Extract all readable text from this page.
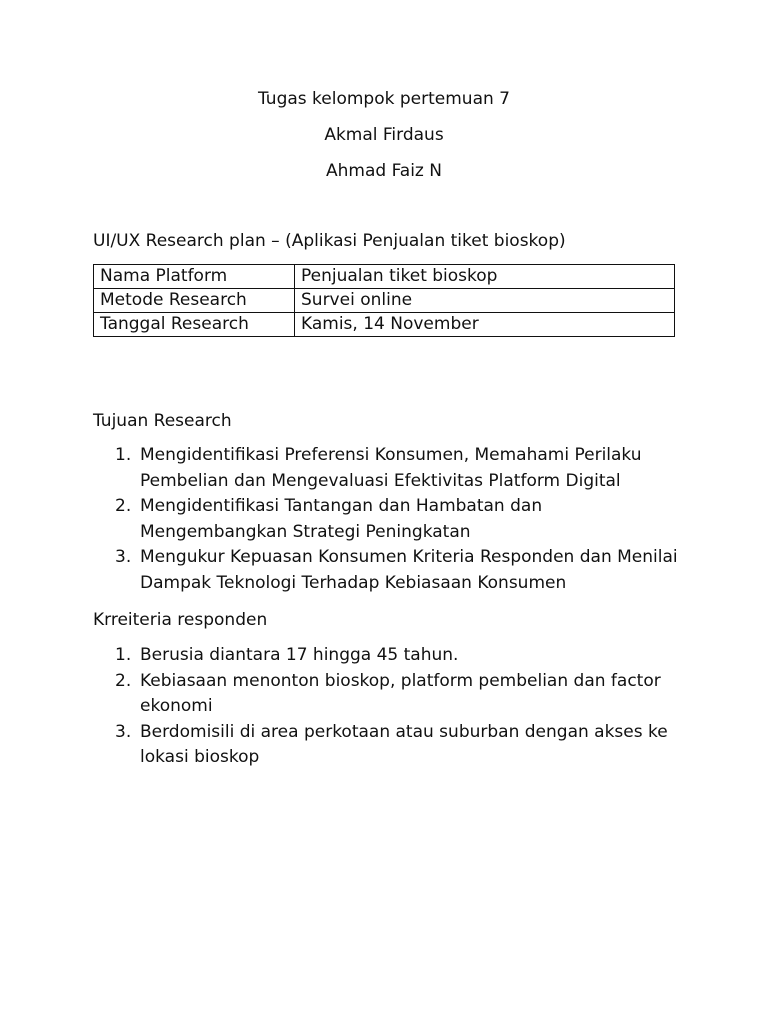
Tugas kelompok pertemuan 7
Akmal Firdaus
Ahmad Faiz N
UI/UX Research plan – (Aplikasi Penjualan tiket bioskop)
Nama Platform	Penjualan tiket bioskop
Metode Research	Survei online
Tanggal Research	Kamis, 14 November
Tujuan Research
1. Mengidentifikasi Preferensi Konsumen, Memahami Perilaku Pembelian dan Mengevaluasi Efektivitas Platform Digital
2. Mengidentifikasi Tantangan dan Hambatan dan Mengembangkan Strategi Peningkatan
3. Mengukur Kepuasan Konsumen Kriteria Responden dan Menilai Dampak Teknologi Terhadap Kebiasaan Konsumen
Krreiteria responden
1. Berusia diantara 17 hingga 45 tahun.
2. Kebiasaan menonton bioskop, platform pembelian dan factor ekonomi
3. Berdomisili di area perkotaan atau suburban dengan akses ke lokasi bioskop
